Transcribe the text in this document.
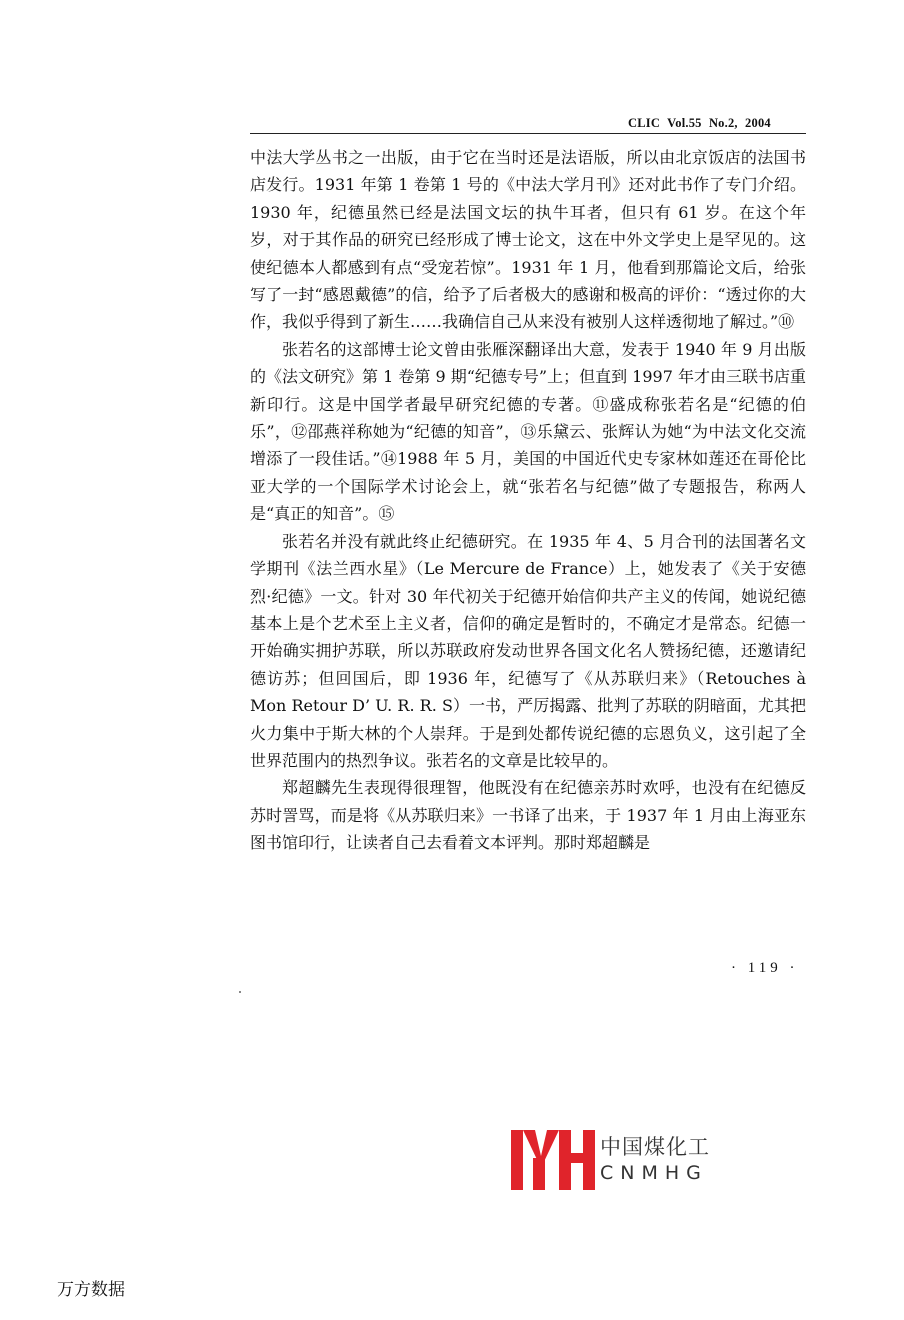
CLIC Vol.55 No.2, 2004

中法大学丛书之一出版，由于它在当时还是法语版，所以由北京饭店的法国书店发行。1931 年第 1 卷第 1 号的《中法大学月刊》还对此书作了专门介绍。1930 年，纪德虽然已经是法国文坛的执牛耳者，但只有 61 岁。在这个年岁，对于其作品的研究已经形成了博士论文，这在中外文学史上是罕见的。这使纪德本人都感到有点“受宠若惊”。1931 年 1 月，他看到那篇论文后，给张写了一封“感恩戴德”的信，给予了后者极大的感谢和极高的评价：“透过你的大作，我似乎得到了新生……我确信自己从来没有被别人这样透彻地了解过。”⑩

张若名的这部博士论文曾由张雁深翻译出大意，发表于 1940 年 9 月出版的《法文研究》第 1 卷第 9 期“纪德专号”上；但直到 1997 年才由三联书店重新印行。这是中国学者最早研究纪德的专著。⑪盛成称张若名是“纪德的伯乐”，⑫邵燕祥称她为“纪德的知音”，⑬乐黛云、张辉认为她“为中法文化交流增添了一段佳话。”⑭1988 年 5 月，美国的中国近代史专家林如莲还在哥伦比亚大学的一个国际学术讨论会上，就“张若名与纪德”做了专题报告，称两人是“真正的知音”。⑮

张若名并没有就此终止纪德研究。在 1935 年 4、5 月合刊的法国著名文学期刊《法兰西水星》（Le Mercure de France）上，她发表了《关于安德烈·纪德》一文。针对 30 年代初关于纪德开始信仰共产主义的传闻，她说纪德基本上是个艺术至上主义者，信仰的确定是暂时的，不确定才是常态。纪德一开始确实拥护苏联，所以苏联政府发动世界各国文化名人赞扬纪德，还邀请纪德访苏；但回国后，即 1936 年，纪德写了《从苏联归来》（Retouches à Mon Retour D’ U. R. R. S）一书，严厉揭露、批判了苏联的阴暗面，尤其把火力集中于斯大林的个人崇拜。于是到处都传说纪德的忘恩负义，这引起了全世界范围内的热烈争议。张若名的文章是比较早的。

郑超麟先生表现得很理智，他既没有在纪德亲苏时欢呼，也没有在纪德反苏时詈骂，而是将《从苏联归来》一书译了出来，于 1937 年 1 月由上海亚东图书馆印行，让读者自己去看着文本评判。那时郑超麟是

· 119 ·
中国煤化工
CNMHG
万方数据
